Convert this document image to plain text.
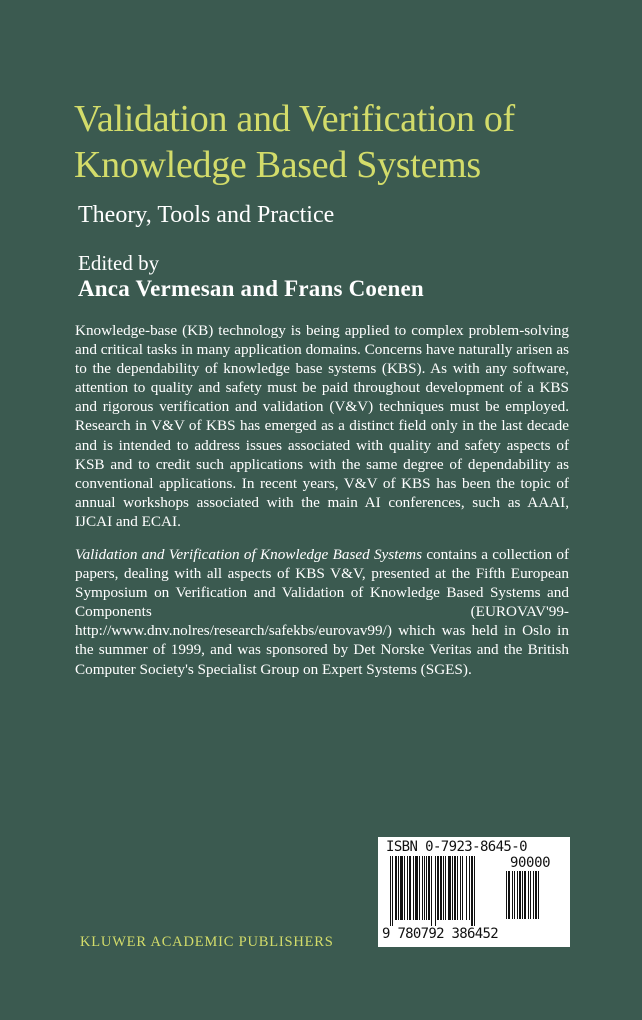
Validation and Verification of
Knowledge Based Systems
Theory, Tools and Practice
Edited by
Anca Vermesan and Frans Coenen

Knowledge-base (KB) technology is being applied to complex problem-solving and critical tasks in many application domains. Concerns have naturally arisen as to the dependability of knowledge base systems (KBS). As with any software, attention to quality and safety must be paid throughout development of a KBS and rigorous verification and validation (V&V) techniques must be employed. Research in V&V of KBS has emerged as a distinct field only in the last decade and is intended to address issues associated with quality and safety aspects of KSB and to credit such applications with the same degree of dependability as conventional applications. In recent years, V&V of KBS has been the topic of annual workshops associated with the main AI conferences, such as AAAI, IJCAI and ECAI.

Validation and Verification of Knowledge Based Systems contains a collection of papers, dealing with all aspects of KBS V&V, presented at the Fifth European Symposium on Verification and Validation of Knowledge Based Systems and Components (EUROVAV'99-http://www.dnv.nolres/research/safekbs/eurovav99/) which was held in Oslo in the summer of 1999, and was sponsored by Det Norske Veritas and the British Computer Society's Specialist Group on Expert Systems (SGES).

ISBN 0-7923-8645-0
90000
9 780792 386452
KLUWER ACADEMIC PUBLISHERS
